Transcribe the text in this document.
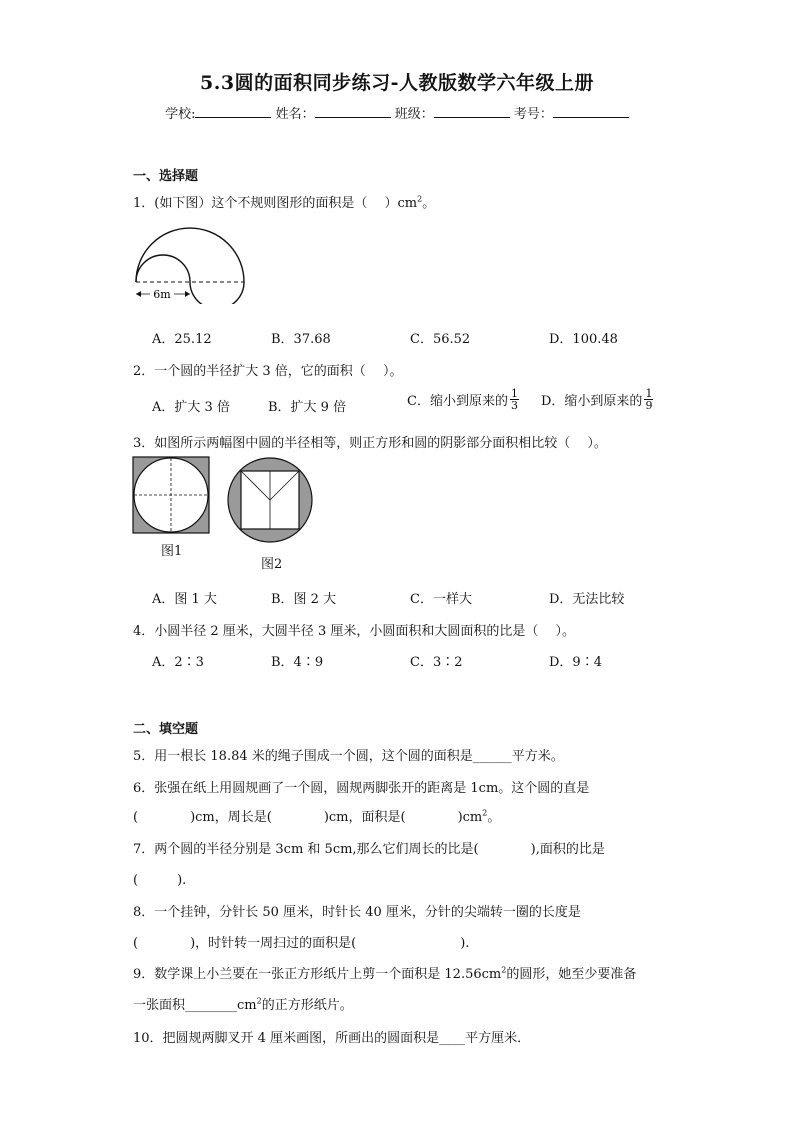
5.3圆的面积同步练习-人教版数学六年级上册
学校:	姓名：	班级：	考号：
一、选择题
1．(如下图）这个不规则图形的面积是（　 ）$cm^2$。
6m
A．25.12	B．37.68	C．56.52	D．100.48
2．一个圆的半径扩大 3 倍，它的面积（　 ）。
A．扩大 3 倍	B．扩大 9 倍	C．缩小到原来的 $\frac{1}{3}$ D．缩小到原来的 $\frac{1}{9}$
3．如图所示两幅图中圆的半径相等，则正方形和圆的阴影部分面积相比较（　 ）。
图1
图2
A．图 1 大	B．图 2 大	C．一样大	D．无法比较
4．小圆半径 2 厘米，大圆半径 3 厘米，小圆面积和大圆面积的比是（　 ）。
A．2∶3	B．4∶9	C．3∶2	D．9∶4
二、填空题
5．用一根长 18.84 米的绳子围成一个圆，这个圆的面积是______平方米。
6．张强在纸上用圆规画了一个圆，圆规两脚张开的距离是 1cm。这个圆的直是
(　　　　)cm，周长是(　　　　)cm，面积是(　　　　)$cm^2$。
7．两个圆的半径分别是 3cm 和 5cm,那么它们周长的比是(　　　　),面积的比是
(　　　).
8．一个挂钟，分针长 50 厘米，时针长 40 厘米，分针的尖端转一圈的长度是
(　　　　)，时针转一周扫过的面积是(　　　　　　　　).
9．数学课上小兰要在一张正方形纸片上剪一个面积是 $12.56cm^2$的圆形，她至少要准备
一张面积$\_\_\_\_\_\_\_\_cm^2$的正方形纸片。
10．把圆规两脚叉开 4 厘米画图，所画出的圆面积是____平方厘米．
